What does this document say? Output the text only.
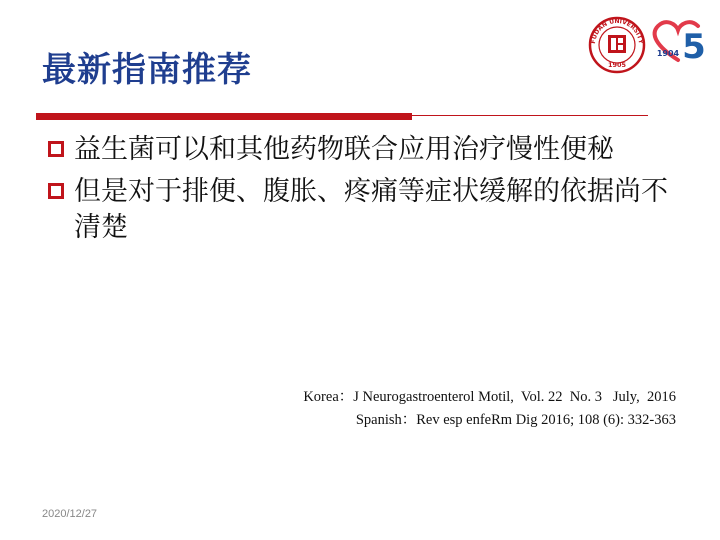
最新指南推荐
FUDAN UNIVERSITY
1905 5
1904
益生菌可以和其他药物联合应用治疗慢性便秘
但是对于排便、腹胀、疼痛等症状缓解的依据尚不清楚
Korea：J Neurogastroenterol Motil,  Vol. 22  No. 3   July,  2016
Spanish：Rev esp enfeRm Dig 2016; 108 (6): 332-363
2020/12/27
